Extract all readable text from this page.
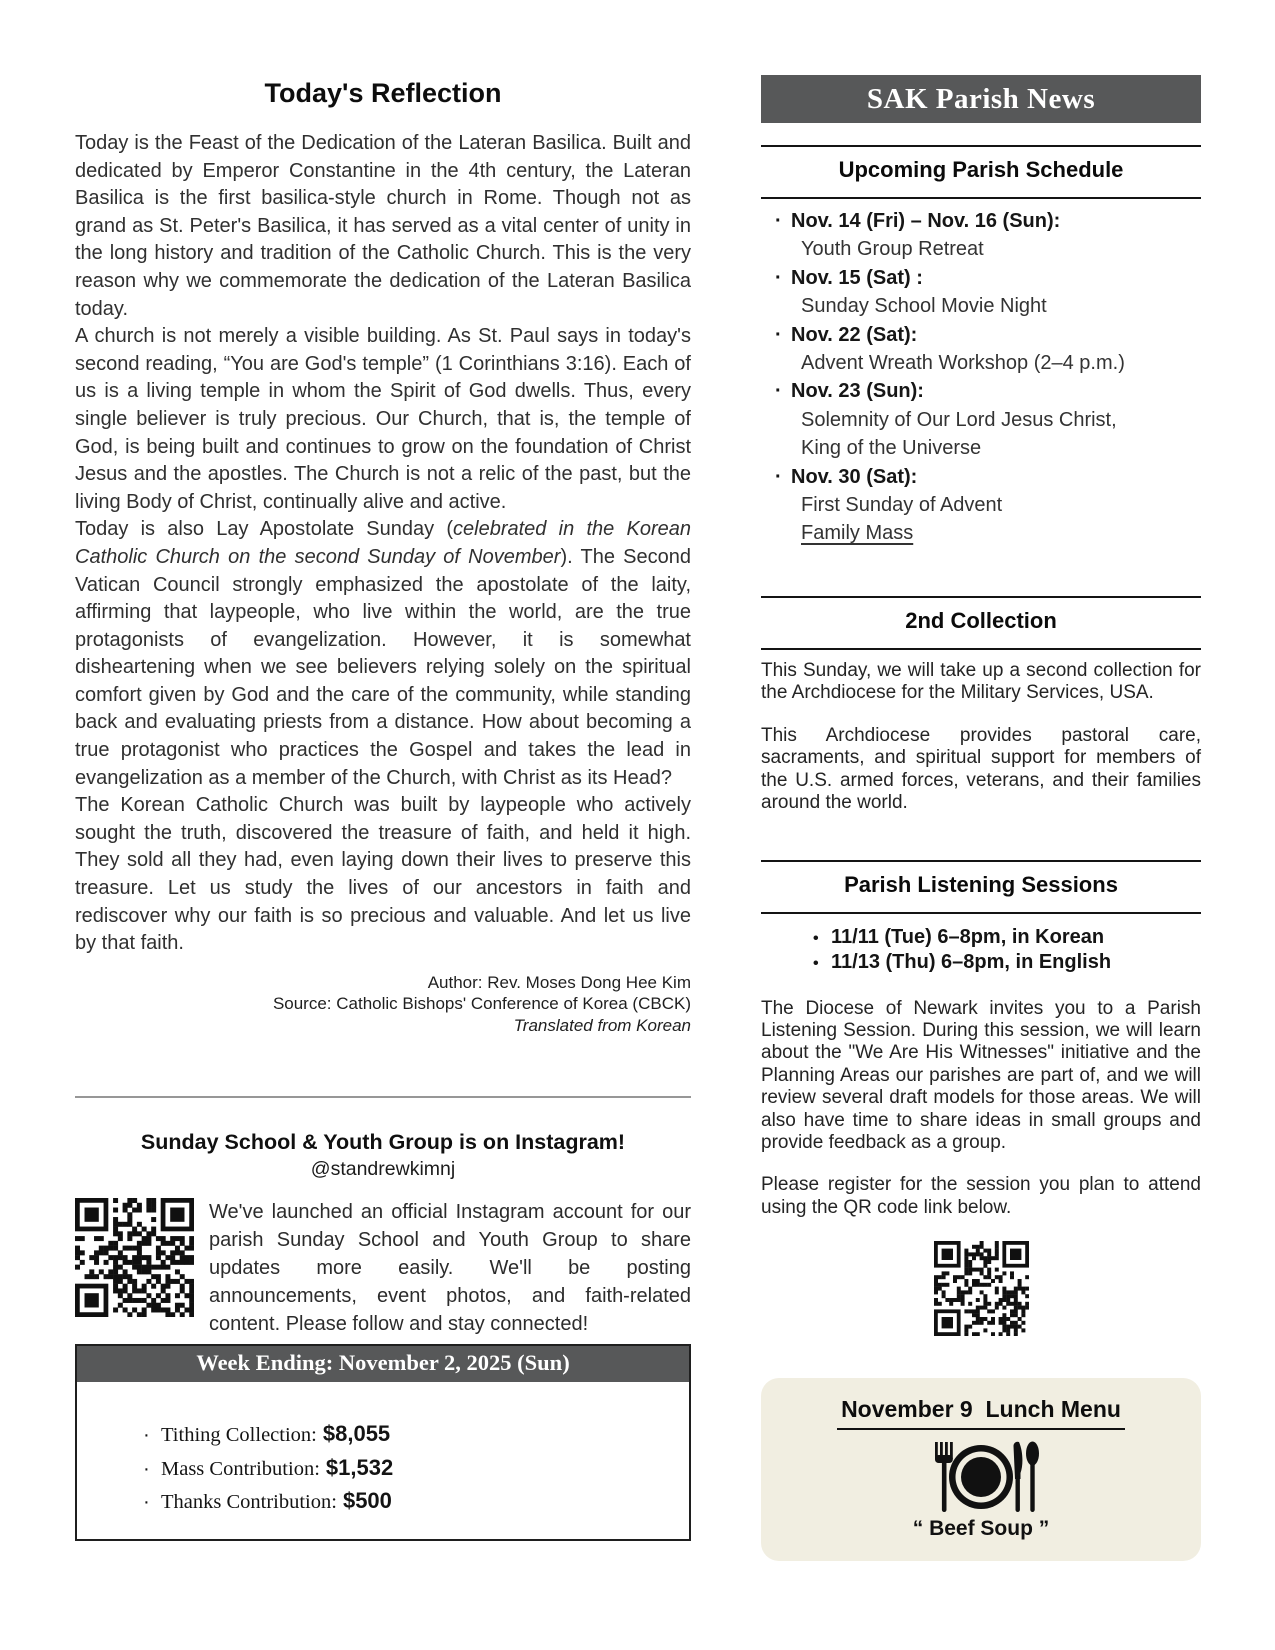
Today's Reflection

Today is the Feast of the Dedication of the Lateran Basilica. Built and dedicated by Emperor Constantine in the 4th century, the Lateran Basilica is the first basilica-style church in Rome. Though not as grand as St. Peter's Basilica, it has served as a vital center of unity in the long history and tradition of the Catholic Church. This is the very reason why we commemorate the dedication of the Lateran Basilica today.

A church is not merely a visible building. As St. Paul says in today's second reading, “You are God's temple” (1 Corinthians 3:16). Each of us is a living temple in whom the Spirit of God dwells. Thus, every single believer is truly precious. Our Church, that is, the temple of God, is being built and continues to grow on the foundation of Christ Jesus and the apostles. The Church is not a relic of the past, but the living Body of Christ, continually alive and active.

Today is also Lay Apostolate Sunday (celebrated in the Korean Catholic Church on the second Sunday of November). The Second Vatican Council strongly emphasized the apostolate of the laity, affirming that laypeople, who live within the world, are the true protagonists of evangelization. However, it is somewhat disheartening when we see believers relying solely on the spiritual comfort given by God and the care of the community, while standing back and evaluating priests from a distance. How about becoming a true protagonist who practices the Gospel and takes the lead in evangelization as a member of the Church, with Christ as its Head?

The Korean Catholic Church was built by laypeople who actively sought the truth, discovered the treasure of faith, and held it high. They sold all they had, even laying down their lives to preserve this treasure. Let us study the lives of our ancestors in faith and rediscover why our faith is so precious and valuable. And let us live by that faith.

Author: Rev. Moses Dong Hee Kim
Source: Catholic Bishops' Conference of Korea (CBCK)
Translated from Korean
Sunday School & Youth Group is on Instagram!
@standrewkimnj

We've launched an official Instagram account for our parish Sunday School and Youth Group to share updates more easily. We'll be posting announcements, event photos, and faith-related content. Please follow and stay connected!

Week Ending: November 2, 2025 (Sun)
· Tithing Collection: $8,055
· Mass Contribution: $1,532
· Thanks Contribution: $500
SAK Parish News
Upcoming Parish Schedule
· Nov. 14 (Fri) – Nov. 16 (Sun):
Youth Group Retreat
· Nov. 15 (Sat) :
Sunday School Movie Night
· Nov. 22 (Sat):
Advent Wreath Workshop (2–4 p.m.)
· Nov. 23 (Sun):
Solemnity of Our Lord Jesus Christ,
King of the Universe
· Nov. 30 (Sat):
First Sunday of Advent
Family Mass
2nd Collection

This Sunday, we will take up a second collection for the Archdiocese for the Military Services, USA.

This Archdiocese provides pastoral care, sacraments, and spiritual support for members of the U.S. armed forces, veterans, and their families around the world.

Parish Listening Sessions
• 11/11 (Tue) 6–8pm, in Korean
• 11/13 (Thu) 6–8pm, in English

The Diocese of Newark invites you to a Parish Listening Session. During this session, we will learn about the "We Are His Witnesses" initiative and the Planning Areas our parishes are part of, and we will review several draft models for those areas. We will also have time to share ideas in small groups and provide feedback as a group.

Please register for the session you plan to attend using the QR code link below.

November 9  Lunch Menu
“ Beef Soup ”
